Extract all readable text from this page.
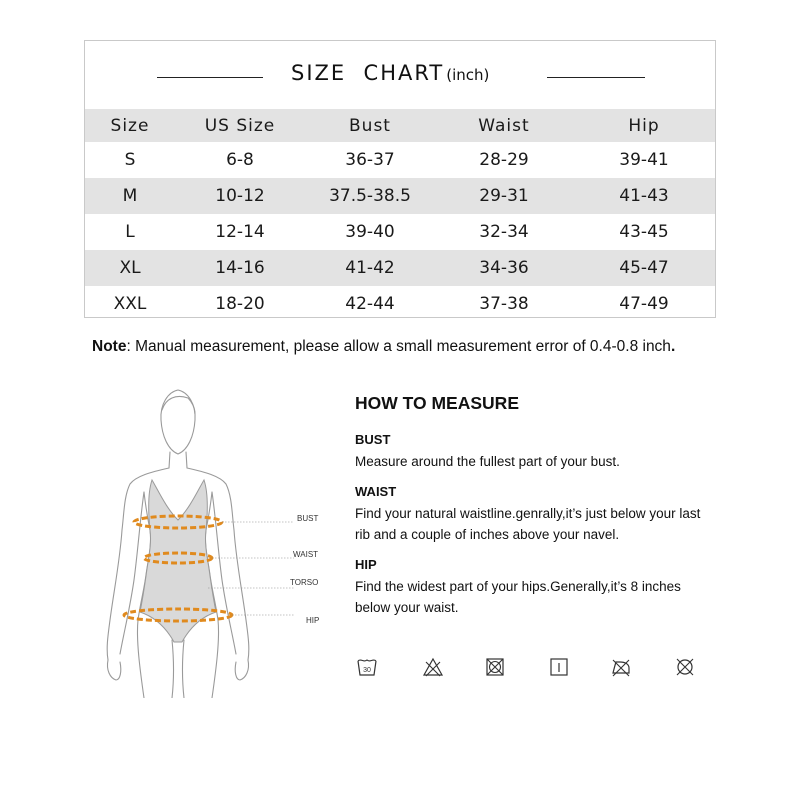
SIZE  CHART (inch)
Size	US Size	Bust	Waist	Hip
S	6-8	36-37	28-29	39-41
M	10-12	37.5-38.5	29-31	41-43
L	12-14	39-40	32-34	43-45
XL	14-16	41-42	34-36	45-47
XXL	18-20	42-44	37-38	47-49
Note: Manual measurement, please allow a small measurement error of 0.4-0.8 inch.
BUST
WAIST
TORSO
HIP
HOW TO MEASURE
BUST
Measure around the fullest part of your bust.
WAIST
Find your natural waistline.genrally,it’s just below your last rib and a couple of inches above your navel.
HIP
Find the widest part of your hips.Generally,it’s 8 inches below your waist.
30
